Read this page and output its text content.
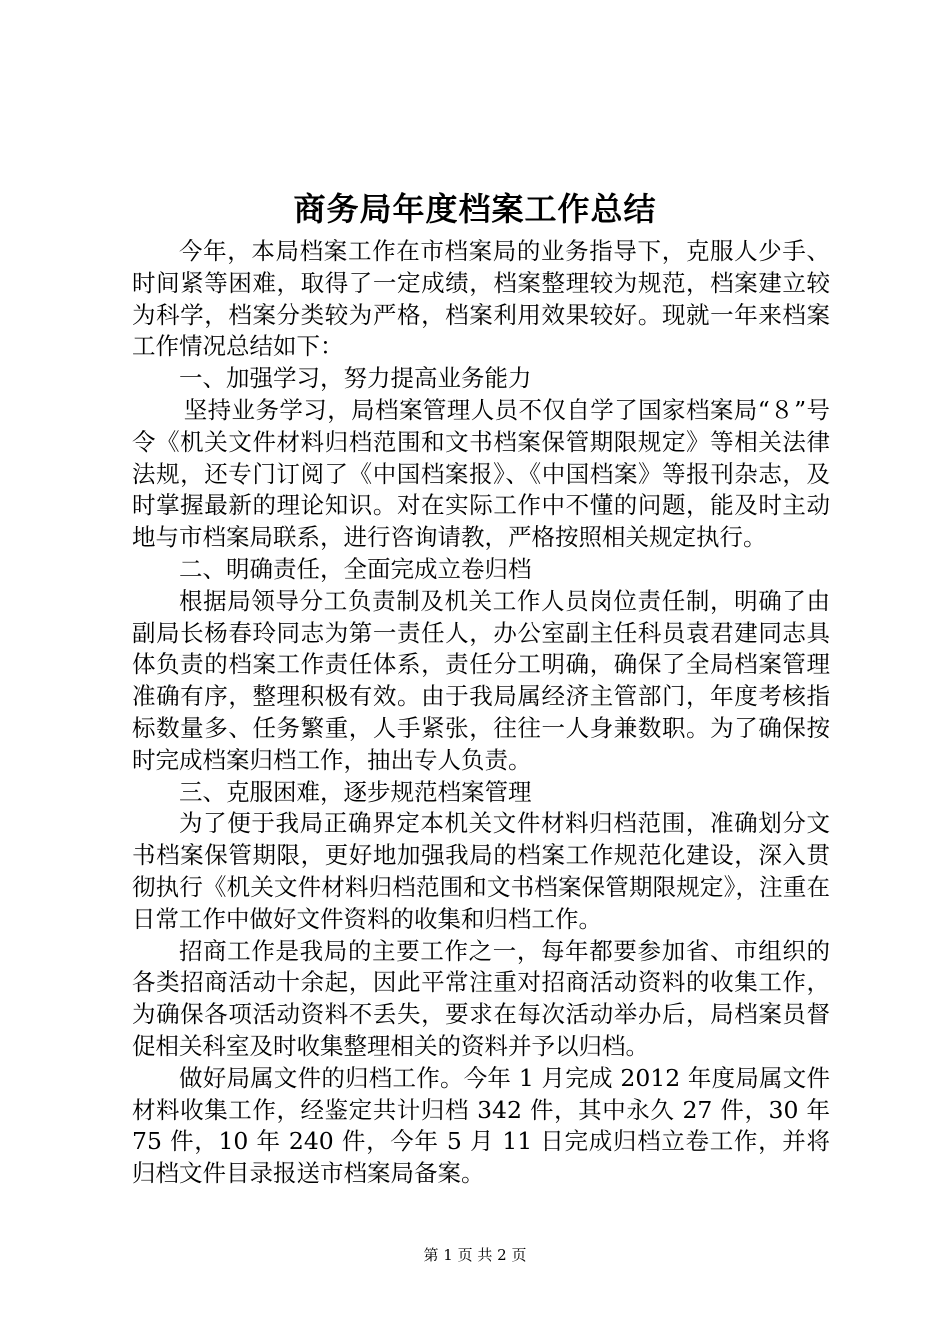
商务局年度档案工作总结

今年，本局档案工作在市档案局的业务指导下，克服人少手、时间紧等困难，取得了一定成绩，档案整理较为规范，档案建立较为科学，档案分类较为严格，档案利用效果较好。现就一年来档案工作情况总结如下：

一、加强学习，努力提高业务能力

坚持业务学习，局档案管理人员不仅自学了国家档案局“８”号令《机关文件材料归档范围和文书档案保管期限规定》等相关法律法规，还专门订阅了《中国档案报》、《中国档案》等报刊杂志，及时掌握最新的理论知识。对在实际工作中不懂的问题，能及时主动地与市档案局联系，进行咨询请教，严格按照相关规定执行。

二、明确责任，全面完成立卷归档

根据局领导分工负责制及机关工作人员岗位责任制，明确了由副局长杨春玲同志为第一责任人，办公室副主任科员袁君建同志具体负责的档案工作责任体系，责任分工明确，确保了全局档案管理准确有序，整理积极有效。由于我局属经济主管部门，年度考核指标数量多、任务繁重，人手紧张，往往一人身兼数职。为了确保按时完成档案归档工作，抽出专人负责。

三、克服困难，逐步规范档案管理

为了便于我局正确界定本机关文件材料归档范围，准确划分文书档案保管期限，更好地加强我局的档案工作规范化建设，深入贯彻执行《机关文件材料归档范围和文书档案保管期限规定》，注重在日常工作中做好文件资料的收集和归档工作。

招商工作是我局的主要工作之一，每年都要参加省、市组织的各类招商活动十余起，因此平常注重对招商活动资料的收集工作，为确保各项活动资料不丢失，要求在每次活动举办后，局档案员督促相关科室及时收集整理相关的资料并予以归档。

做好局属文件的归档工作。今年 1 月完成 2012 年度局属文件材料收集工作，经鉴定共计归档 342 件，其中永久 27 件，30 年 75 件，10 年 240 件，今年 5 月 11 日完成归档立卷工作，并将归档文件目录报送市档案局备案。

第 1 页 共 2 页
